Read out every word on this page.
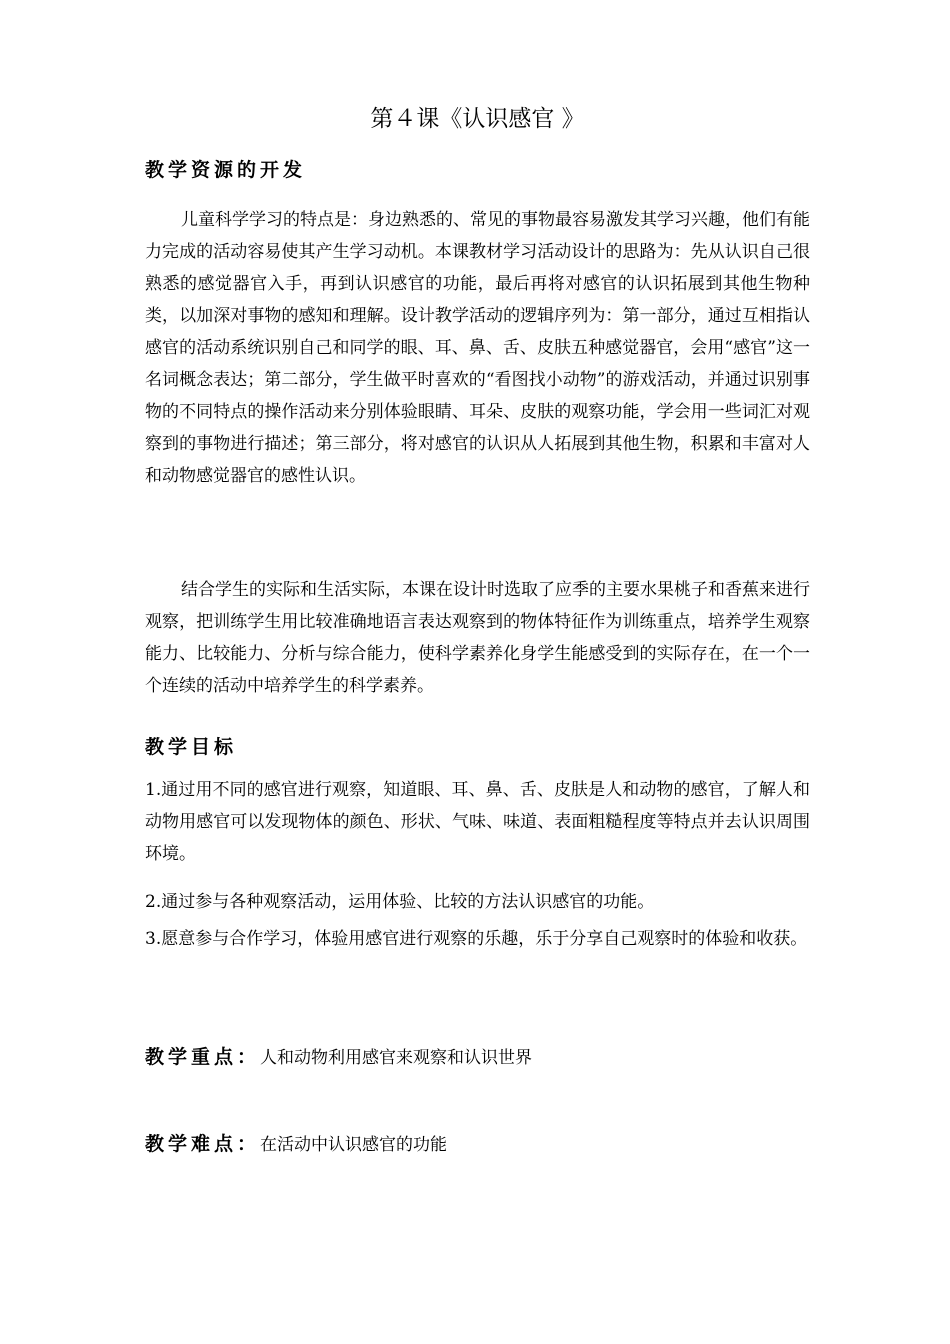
第４课《认识感官 》
教学资源的开发

儿童科学学习的特点是：身边熟悉的、常见的事物最容易激发其学习兴趣，他们有能力完成的活动容易使其产生学习动机。本课教材学习活动设计的思路为：先从认识自己很熟悉的感觉器官入手，再到认识感官的功能，最后再将对感官的认识拓展到其他生物种类，以加深对事物的感知和理解。设计教学活动的逻辑序列为：第一部分，通过互相指认感官的活动系统识别自己和同学的眼、耳、鼻、舌、皮肤五种感觉器官，会用“感官”这一名词概念表达；第二部分，学生做平时喜欢的“看图找小动物”的游戏活动，并通过识别事物的不同特点的操作活动来分别体验眼睛、耳朵、皮肤的观察功能，学会用一些词汇对观察到的事物进行描述；第三部分，将对感官的认识从人拓展到其他生物，积累和丰富对人和动物感觉器官的感性认识。

结合学生的实际和生活实际，本课在设计时选取了应季的主要水果桃子和香蕉来进行观察，把训练学生用比较准确地语言表达观察到的物体特征作为训练重点，培养学生观察能力、比较能力、分析与综合能力，使科学素养化身学生能感受到的实际存在，在一个一个连续的活动中培养学生的科学素养。

教学目标

1.通过用不同的感官进行观察，知道眼、耳、鼻、舌、皮肤是人和动物的感官，了解人和动物用感官可以发现物体的颜色、形状、气味、味道、表面粗糙程度等特点并去认识周围环境。

2.通过参与各种观察活动，运用体验、比较的方法认识感官的功能。

3.愿意参与合作学习，体验用感官进行观察的乐趣，乐于分享自己观察时的体验和收获。

教学重点：人和动物利用感官来观察和认识世界
教学难点：在活动中认识感官的功能
